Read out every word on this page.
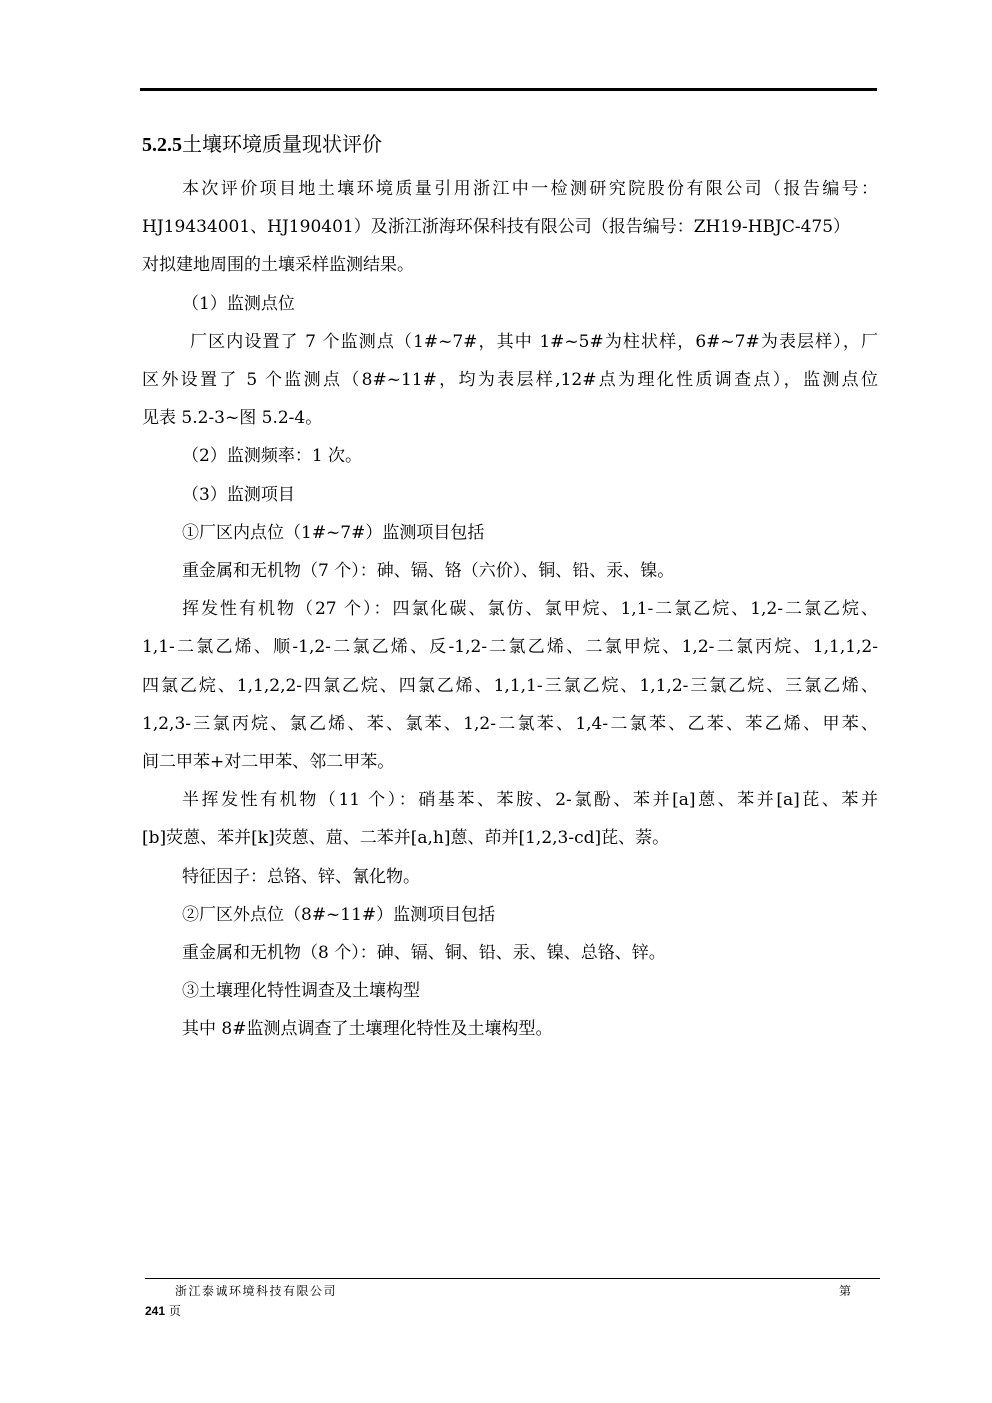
5.2.5土壤环境质量现状评价

本次评价项目地土壤环境质量引用浙江中一检测研究院股份有限公司（报告编号：
HJ19434001、HJ190401）及浙江浙海环保科技有限公司（报告编号：ZH19-HBJC-475）
对拟建地周围的土壤采样监测结果。

（1）监测点位

厂区内设置了 7 个监测点（1#~7#，其中 1#~5#为柱状样，6#~7#为表层样），厂
区外设置了 5 个监测点（8#~11#，均为表层样,12#点为理化性质调查点），监测点位
见表 5.2-3~图 5.2-4。

（2）监测频率：1 次。

（3）监测项目

①厂区内点位（1#~7#）监测项目包括

重金属和无机物（7 个）：砷、镉、铬（六价）、铜、铅、汞、镍。

挥发性有机物（27 个）：四氯化碳、氯仿、氯甲烷、1,1-二氯乙烷、1,2-二氯乙烷、
1,1-二氯乙烯、顺-1,2-二氯乙烯、反-1,2-二氯乙烯、二氯甲烷、1,2-二氯丙烷、1,1,1,2-
四氯乙烷、1,1,2,2-四氯乙烷、四氯乙烯、1,1,1-三氯乙烷、1,1,2-三氯乙烷、三氯乙烯、
1,2,3-三氯丙烷、氯乙烯、苯、氯苯、1,2-二氯苯、1,4-二氯苯、乙苯、苯乙烯、甲苯、
间二甲苯+对二甲苯、邻二甲苯。

半挥发性有机物（11 个）：硝基苯、苯胺、2-氯酚、苯并[a]蒽、苯并[a]芘、苯并
[b]荧蒽、苯并[k]荧蒽、䓛、二苯并[a,h]蒽、茚并[1,2,3-cd]芘、萘。

特征因子：总铬、锌、氰化物。

②厂区外点位（8#~11#）监测项目包括

重金属和无机物（8 个）：砷、镉、铜、铅、汞、镍、总铬、锌。

③土壤理化特性调查及土壤构型

其中 8#监测点调查了土壤理化特性及土壤构型。

浙江泰诚环境科技有限公司	第
241 页
